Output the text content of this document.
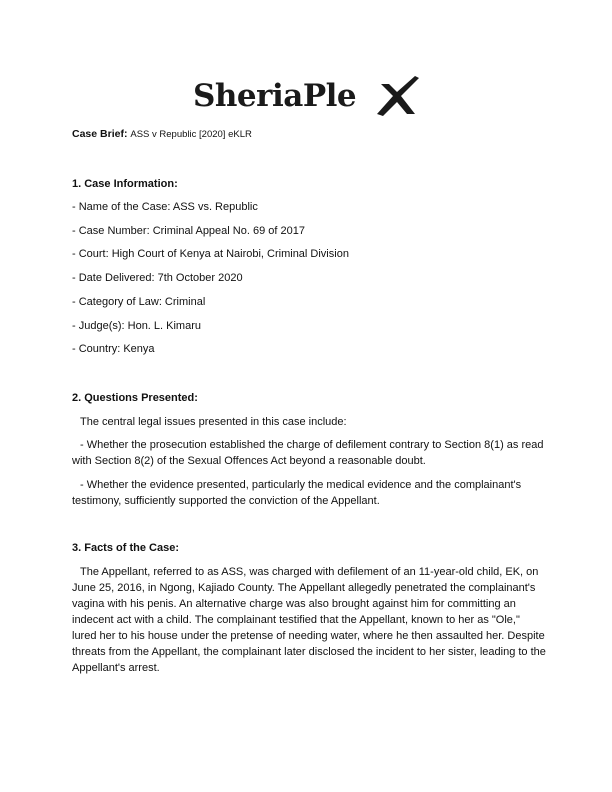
SheriaPle
Case Brief: ASS v Republic [2020] eKLR
1. Case Information:
- Name of the Case: ASS vs. Republic
- Case Number: Criminal Appeal No. 69 of 2017
- Court: High Court of Kenya at Nairobi, Criminal Division
- Date Delivered: 7th October 2020
- Category of Law: Criminal
- Judge(s): Hon. L. Kimaru
- Country: Kenya
2. Questions Presented:
The central legal issues presented in this case include:
- Whether the prosecution established the charge of defilement contrary to Section 8(1) as read with Section 8(2) of the Sexual Offences Act beyond a reasonable doubt.
- Whether the evidence presented, particularly the medical evidence and the complainant's testimony, sufficiently supported the conviction of the Appellant.
3. Facts of the Case:
The Appellant, referred to as ASS, was charged with defilement of an 11-year-old child, EK, on June 25, 2016, in Ngong, Kajiado County. The Appellant allegedly penetrated the complainant's vagina with his penis. An alternative charge was also brought against him for committing an indecent act with a child. The complainant testified that the Appellant, known to her as "Ole," lured her to his house under the pretense of needing water, where he then assaulted her. Despite threats from the Appellant, the complainant later disclosed the incident to her sister, leading to the Appellant's arrest.
